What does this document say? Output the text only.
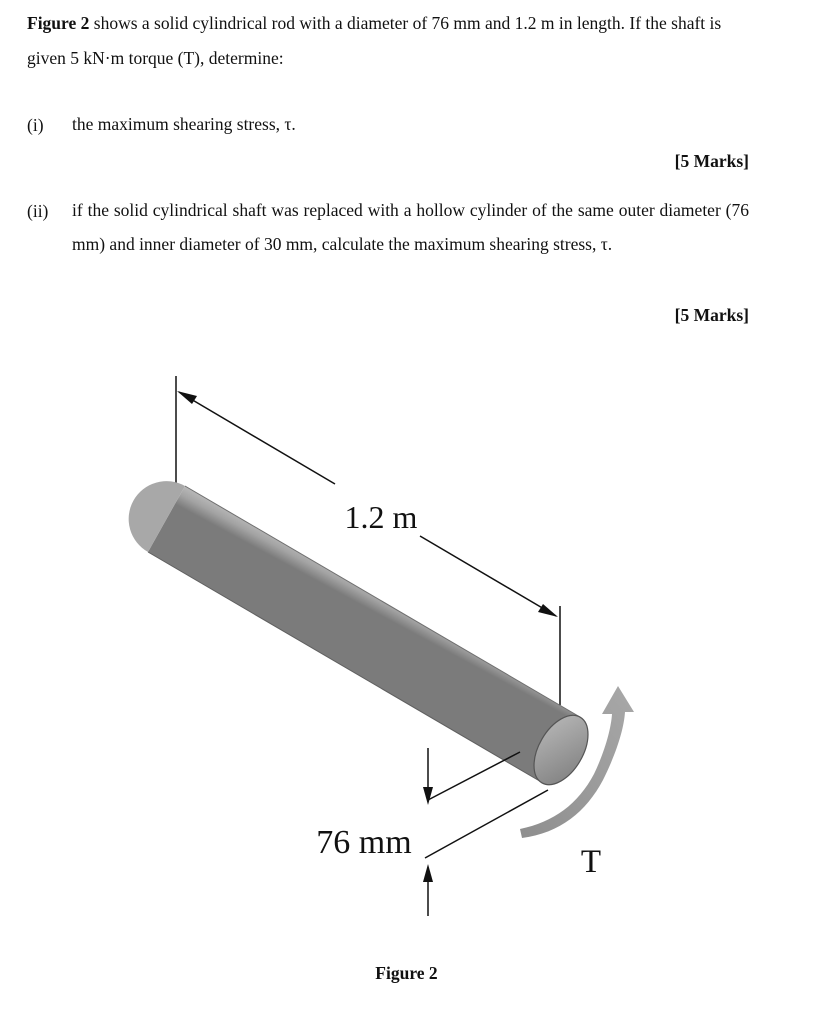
Figure 2 shows a solid cylindrical rod with a diameter of 76 mm and 1.2 m in length. If the shaft is given 5 kN·m torque (T), determine:
(i) the maximum shearing stress, τ.
[5 Marks]
(ii) if the solid cylindrical shaft was replaced with a hollow cylinder of the same outer diameter (76 mm) and inner diameter of 30 mm, calculate the maximum shearing stress, τ.
[5 Marks]
1.2 m
76 mm
T
Figure 2
